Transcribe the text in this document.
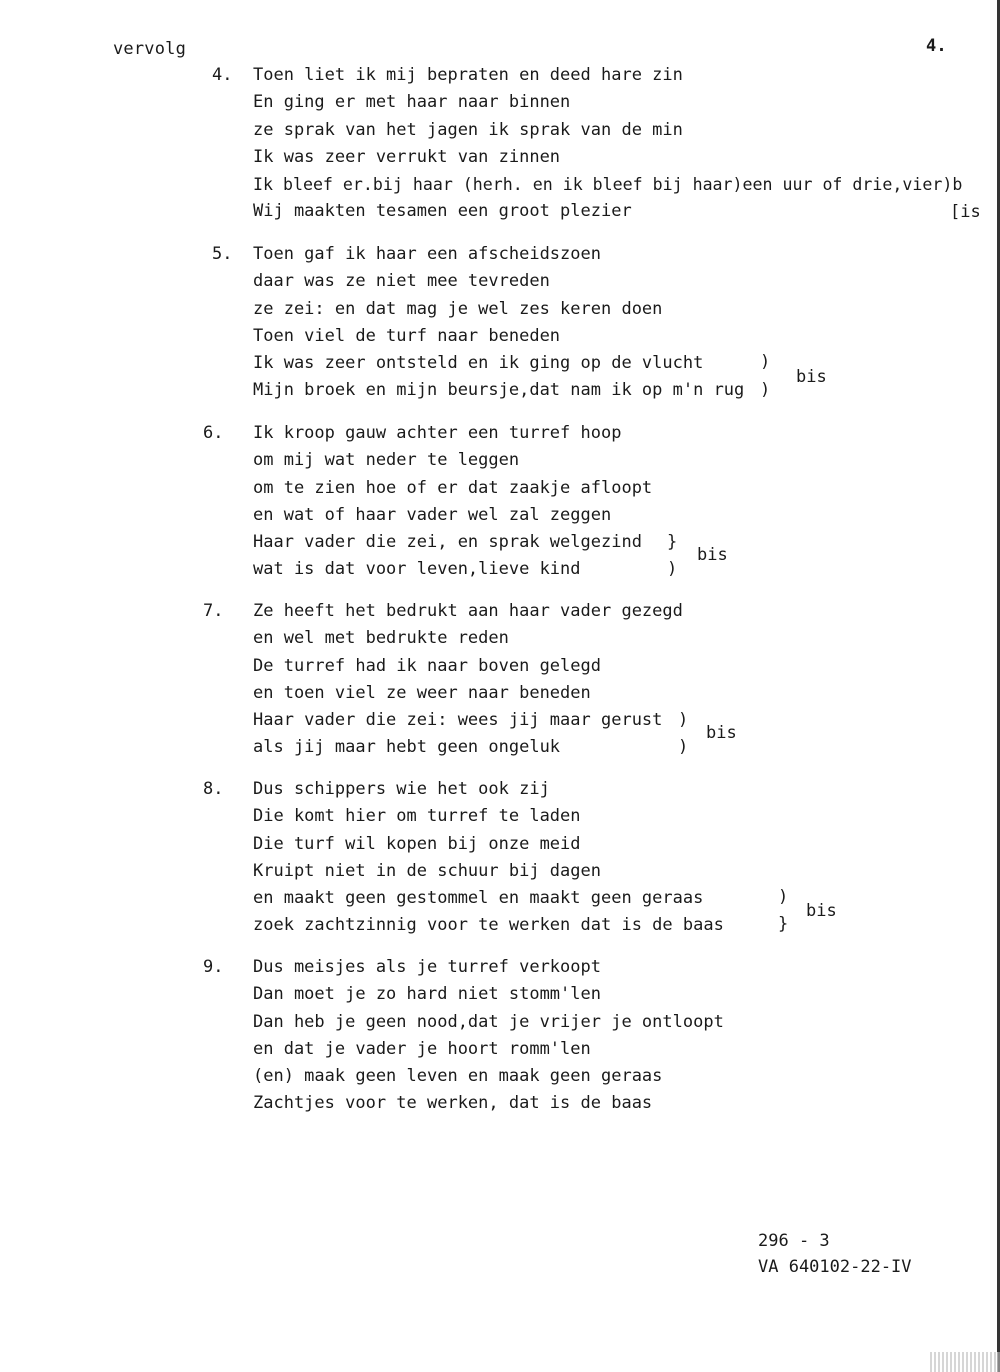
vervolg	4.
4. Toen liet ik mij bepraten en deed hare zin
En ging er met haar naar binnen
ze sprak van het jagen ik sprak van de min
Ik was zeer verrukt van zinnen
Ik bleef er.bij haar (herh. en ik bleef bij haar)een uur of drie,vier)b
Wij maakten tesamen een groot plezier	[is
5. Toen gaf ik haar een afscheidszoen
daar was ze niet mee tevreden
ze zei: en dat mag je wel zes keren doen
Toen viel de turf naar beneden
Ik was zeer ontsteld en ik ging op de vlucht
Mijn broek en mijn beursje,dat nam ik op m'n rug
)
)
bis
6. Ik kroop gauw achter een turref hoop
om mij wat neder te leggen
om te zien hoe of er dat zaakje afloopt
en wat of haar vader wel zal zeggen
Haar vader die zei, en sprak welgezind
wat is dat voor leven,lieve kind
}
)
bis
7. Ze heeft het bedrukt aan haar vader gezegd
en wel met bedrukte reden
De turref had ik naar boven gelegd
en toen viel ze weer naar beneden
Haar vader die zei: wees jij maar gerust
als jij maar hebt geen ongeluk
)
)
bis
8. Dus schippers wie het ook zij
Die komt hier om turref te laden
Die turf wil kopen bij onze meid
Kruipt niet in de schuur bij dagen
en maakt geen gestommel en maakt geen geraas
zoek zachtzinnig voor te werken dat is de baas
)
}
bis
9. Dus meisjes als je turref verkoopt
Dan moet je zo hard niet stomm'len
Dan heb je geen nood,dat je vrijer je ontloopt
en dat je vader je hoort romm'len
(en) maak geen leven en maak geen geraas
Zachtjes voor te werken, dat is de baas
296 - 3
VA 640102-22-IV
